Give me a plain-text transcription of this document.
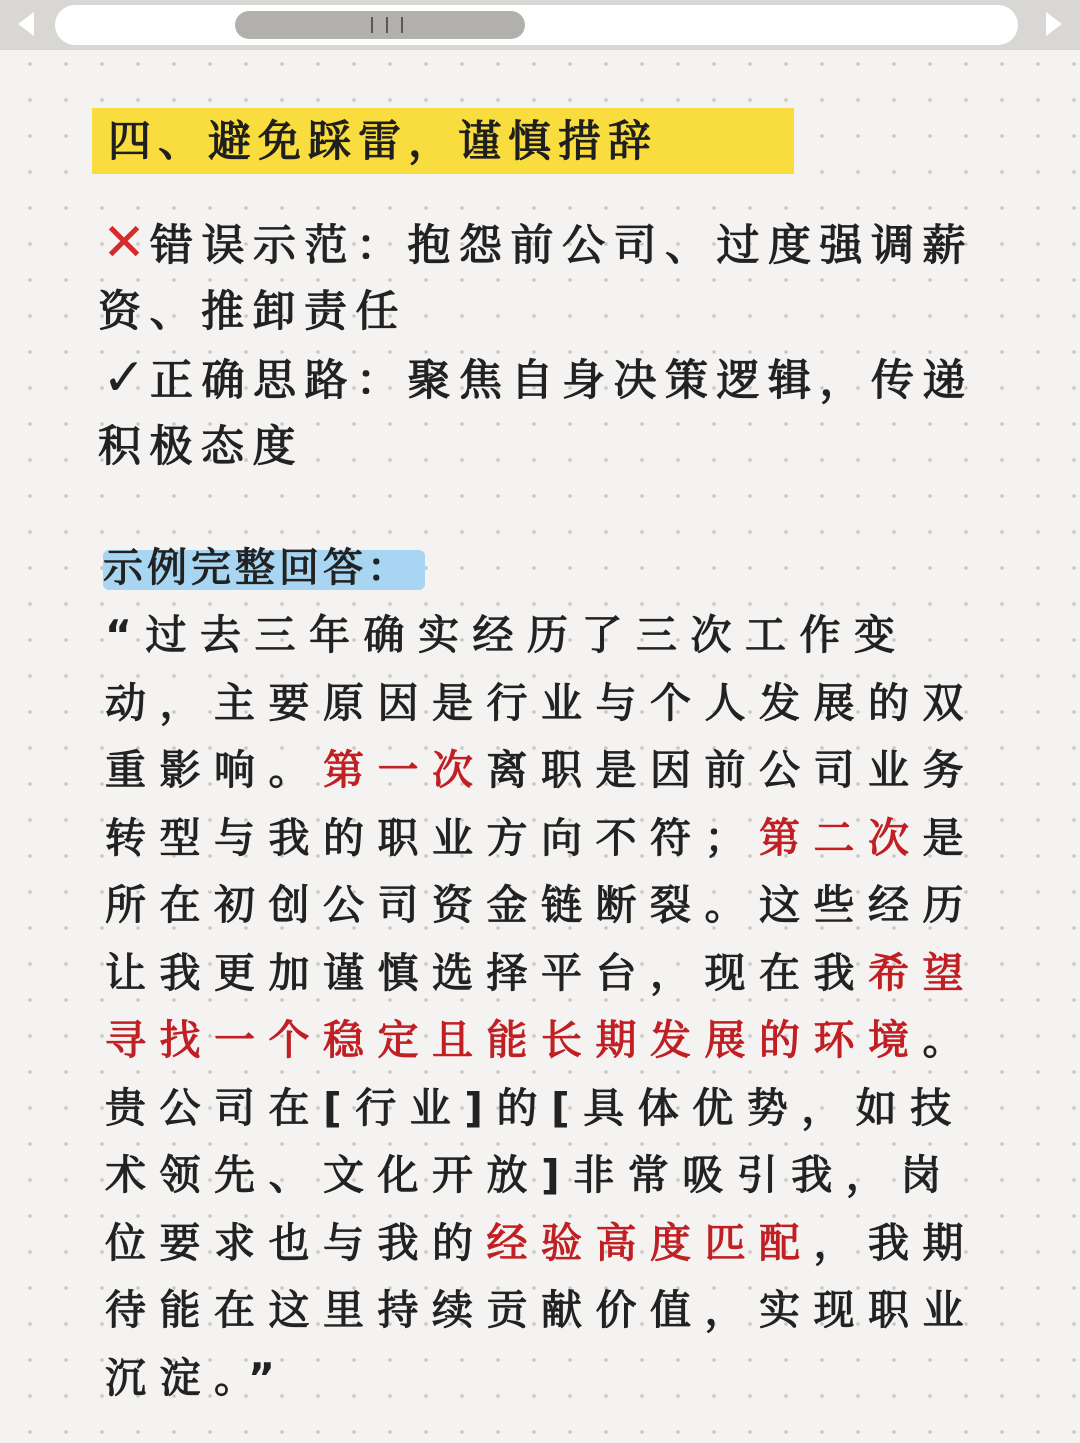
四、避免踩雷，谨慎措辞
✕错误示范：抱怨前公司、过度强调薪资、推卸责任
✓正确思路：聚焦自身决策逻辑，传递积极态度
示例完整回答：

“过去三年确实经历了三次工作变动，主要原因是行业与个人发展的双重影响。第一次离职是因前公司业务转型与我的职业方向不符；第二次是所在初创公司资金链断裂。这些经历让我更加谨慎选择平台，现在我希望寻找一个稳定且能长期发展的环境。贵公司在[行业]的[具体优势，如技术领先、文化开放]非常吸引我，岗位要求也与我的经验高度匹配，我期待能在这里持续贡献价值，实现职业沉淀。”
